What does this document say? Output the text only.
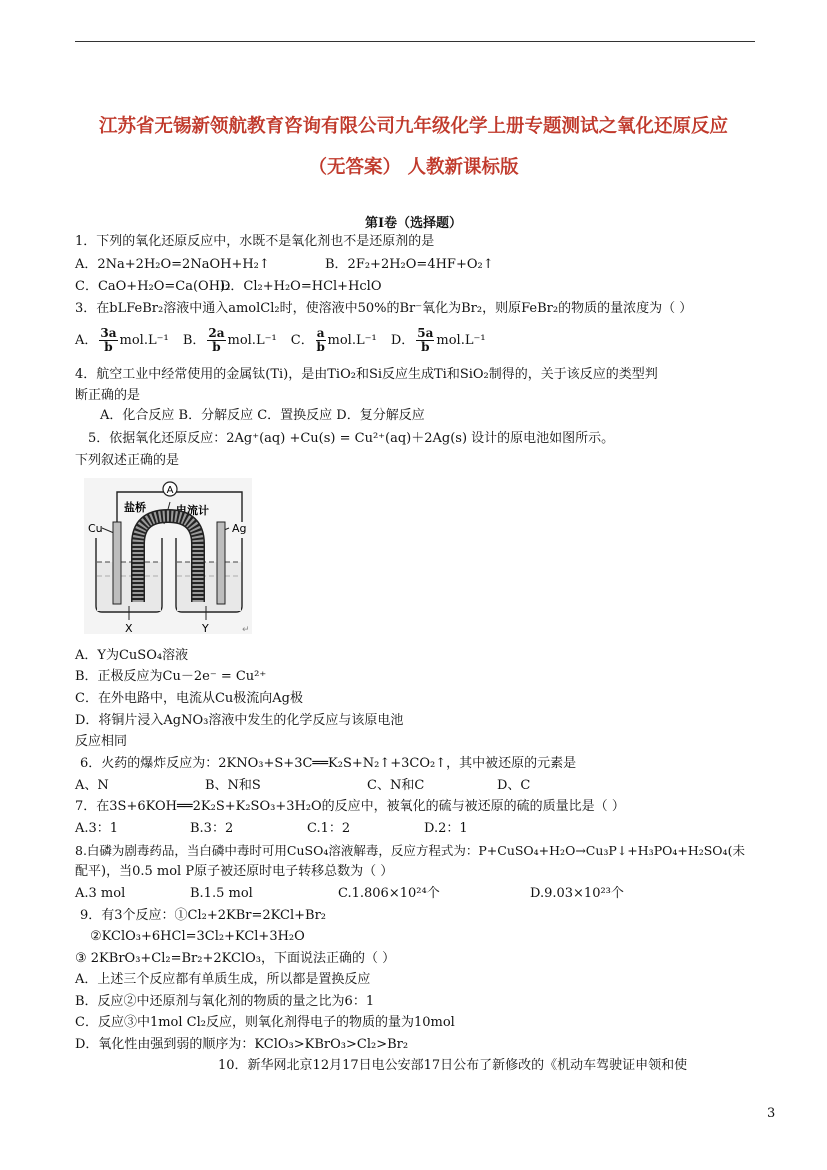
江苏省无锡新领航教育咨询有限公司九年级化学上册专题测试之氧化还原反应
（无答案） 人教新课标版
第Ⅰ卷（选择题）
1．下列的氧化还原反应中，水既不是氧化剂也不是还原剂的是
A．2Na+2H₂O=2NaOH+H₂↑	B．2F₂+2H₂O=4HF+O₂↑
C．CaO+H₂O=Ca(OH)₂
D．Cl₂+H₂O=HCl+HclO
3．在bLFeBr₂溶液中通入amolCl₂时，使溶液中50%的Br⁻氧化为Br₂，则原FeBr₂的物质的量浓度为（ ）
A． $\frac{3a}{b} mol.L^{-1}$ B． $\frac{2a}{b} mol.L^{-1}$ C． $\frac{a}{b} mol.L^{-1}$ D． $\frac{5a}{b} mol.L^{-1}$
4．航空工业中经常使用的金属钛(Ti)，是由TiO₂和Si反应生成Ti和SiO₂制得的，关于该反应的类型判
断正确的是
A．化合反应 B．分解反应 C．置换反应 D．复分解反应
5．依据氧化还原反应：2Ag⁺(aq) +Cu(s) = Cu²⁺(aq)＋2Ag(s) 设计的原电池如图所示。
下列叙述正确的是
A
盐桥	电流计
Cu	Ag
X	Y	↵
A．Y为CuSO₄溶液
B．正极反应为Cu－2e⁻ = Cu²⁺
C．在外电路中，电流从Cu极流向Ag极
D．将铜片浸入AgNO₃溶液中发生的化学反应与该原电池
反应相同
6．火药的爆炸反应为：2KNO₃+S+3C══K₂S+N₂↑+3CO₂↑，其中被还原的元素是
A、N	B、N和S	C、N和C	D、C
7．在3S+6KOH══2K₂S+K₂SO₃+3H₂O的反应中，被氧化的硫与被还原的硫的质量比是（ ）
A.3：1	B.3：2	C.1：2	D.2：1
8.白磷为剧毒药品，当白磷中毒时可用CuSO₄溶液解毒，反应方程式为：P+CuSO₄+H₂O→Cu₃P↓+H₃PO₄+H₂SO₄(未
配平)，当0.5 mol P原子被还原时电子转移总数为（ ）
A.3 mol	B.1.5 mol	C.1.806×10²⁴个	D.9.03×10²³个
9．有3个反应：①Cl₂+2KBr=2KCl+Br₂
②KClO₃+6HCl=3Cl₂+KCl+3H₂O
③ 2KBrO₃+Cl₂=Br₂+2KClO₃，下面说法正确的（ ）
A．上述三个反应都有单质生成，所以都是置换反应
B．反应②中还原剂与氧化剂的物质的量之比为6：1
C．反应③中1mol Cl₂反应，则氧化剂得电子的物质的量为10mol
D．氧化性由强到弱的顺序为：KClO₃>KBrO₃>Cl₂>Br₂
10．新华网北京12月17日电公安部17日公布了新修改的《机动车驾驶证申领和使
3
